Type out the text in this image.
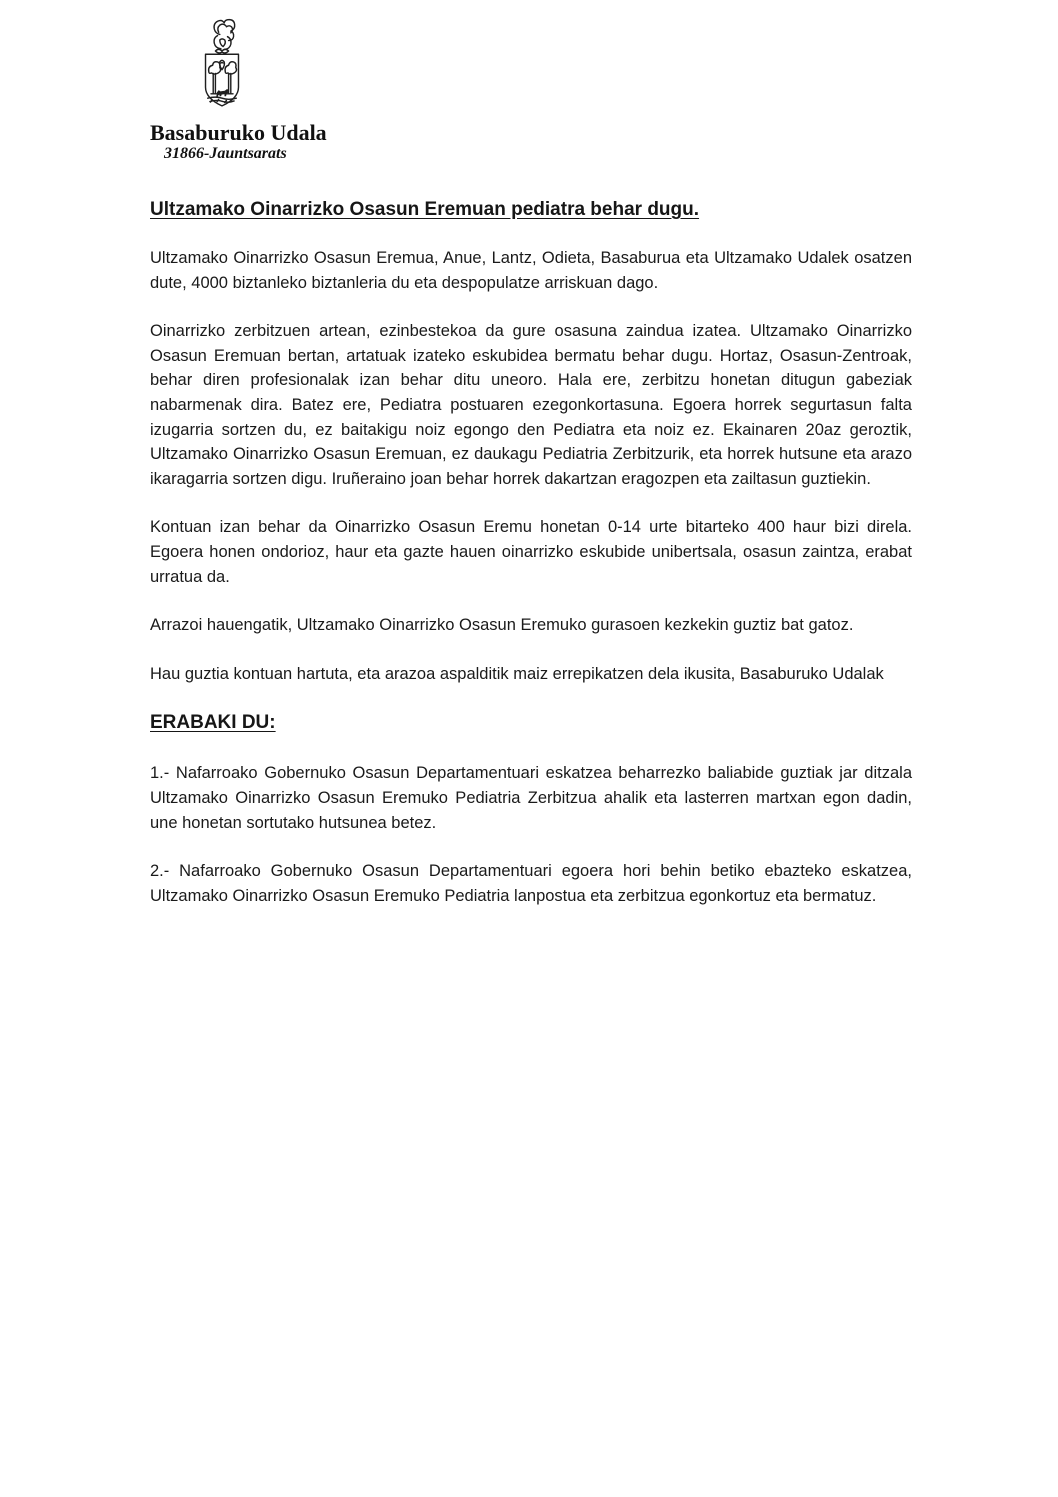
Basaburuko Udala
31866-Jauntsarats
Ultzamako Oinarrizko Osasun Eremuan pediatra behar dugu.

Ultzamako Oinarrizko Osasun Eremua, Anue, Lantz, Odieta, Basaburua eta Ultzamako Udalek osatzen dute, 4000 biztanleko biztanleria du eta despopulatze arriskuan dago.

Oinarrizko zerbitzuen artean, ezinbestekoa da gure osasuna zaindua izatea. Ultzamako Oinarrizko Osasun Eremuan bertan, artatuak izateko eskubidea bermatu behar dugu. Hortaz, Osasun-Zentroak, behar diren profesionalak izan behar ditu uneoro. Hala ere, zerbitzu honetan ditugun gabeziak nabarmenak dira. Batez ere, Pediatra postuaren ezegonkortasuna. Egoera horrek segurtasun falta izugarria sortzen du, ez baitakigu noiz egongo den Pediatra eta noiz ez. Ekainaren 20az geroztik, Ultzamako Oinarrizko Osasun Eremuan, ez daukagu Pediatria Zerbitzurik, eta horrek hutsune eta arazo ikaragarria sortzen digu. Iruñeraino joan behar horrek dakartzan eragozpen eta zailtasun guztiekin.

Kontuan izan behar da Oinarrizko Osasun Eremu honetan 0-14 urte bitarteko 400 haur bizi direla. Egoera honen ondorioz, haur eta gazte hauen oinarrizko eskubide unibertsala, osasun zaintza, erabat urratua da.

Arrazoi hauengatik, Ultzamako Oinarrizko Osasun Eremuko gurasoen kezkekin guztiz bat gatoz.

Hau guztia kontuan hartuta, eta arazoa aspalditik maiz errepikatzen dela ikusita, Basaburuko Udalak

ERABAKI DU:

1.- Nafarroako Gobernuko Osasun Departamentuari eskatzea beharrezko baliabide guztiak jar ditzala Ultzamako Oinarrizko Osasun Eremuko Pediatria Zerbitzua ahalik eta lasterren martxan egon dadin, une honetan sortutako hutsunea betez.

2.- Nafarroako Gobernuko Osasun Departamentuari egoera hori behin betiko ebazteko eskatzea, Ultzamako Oinarrizko Osasun Eremuko Pediatria lanpostua eta zerbitzua egonkortuz eta bermatuz.
